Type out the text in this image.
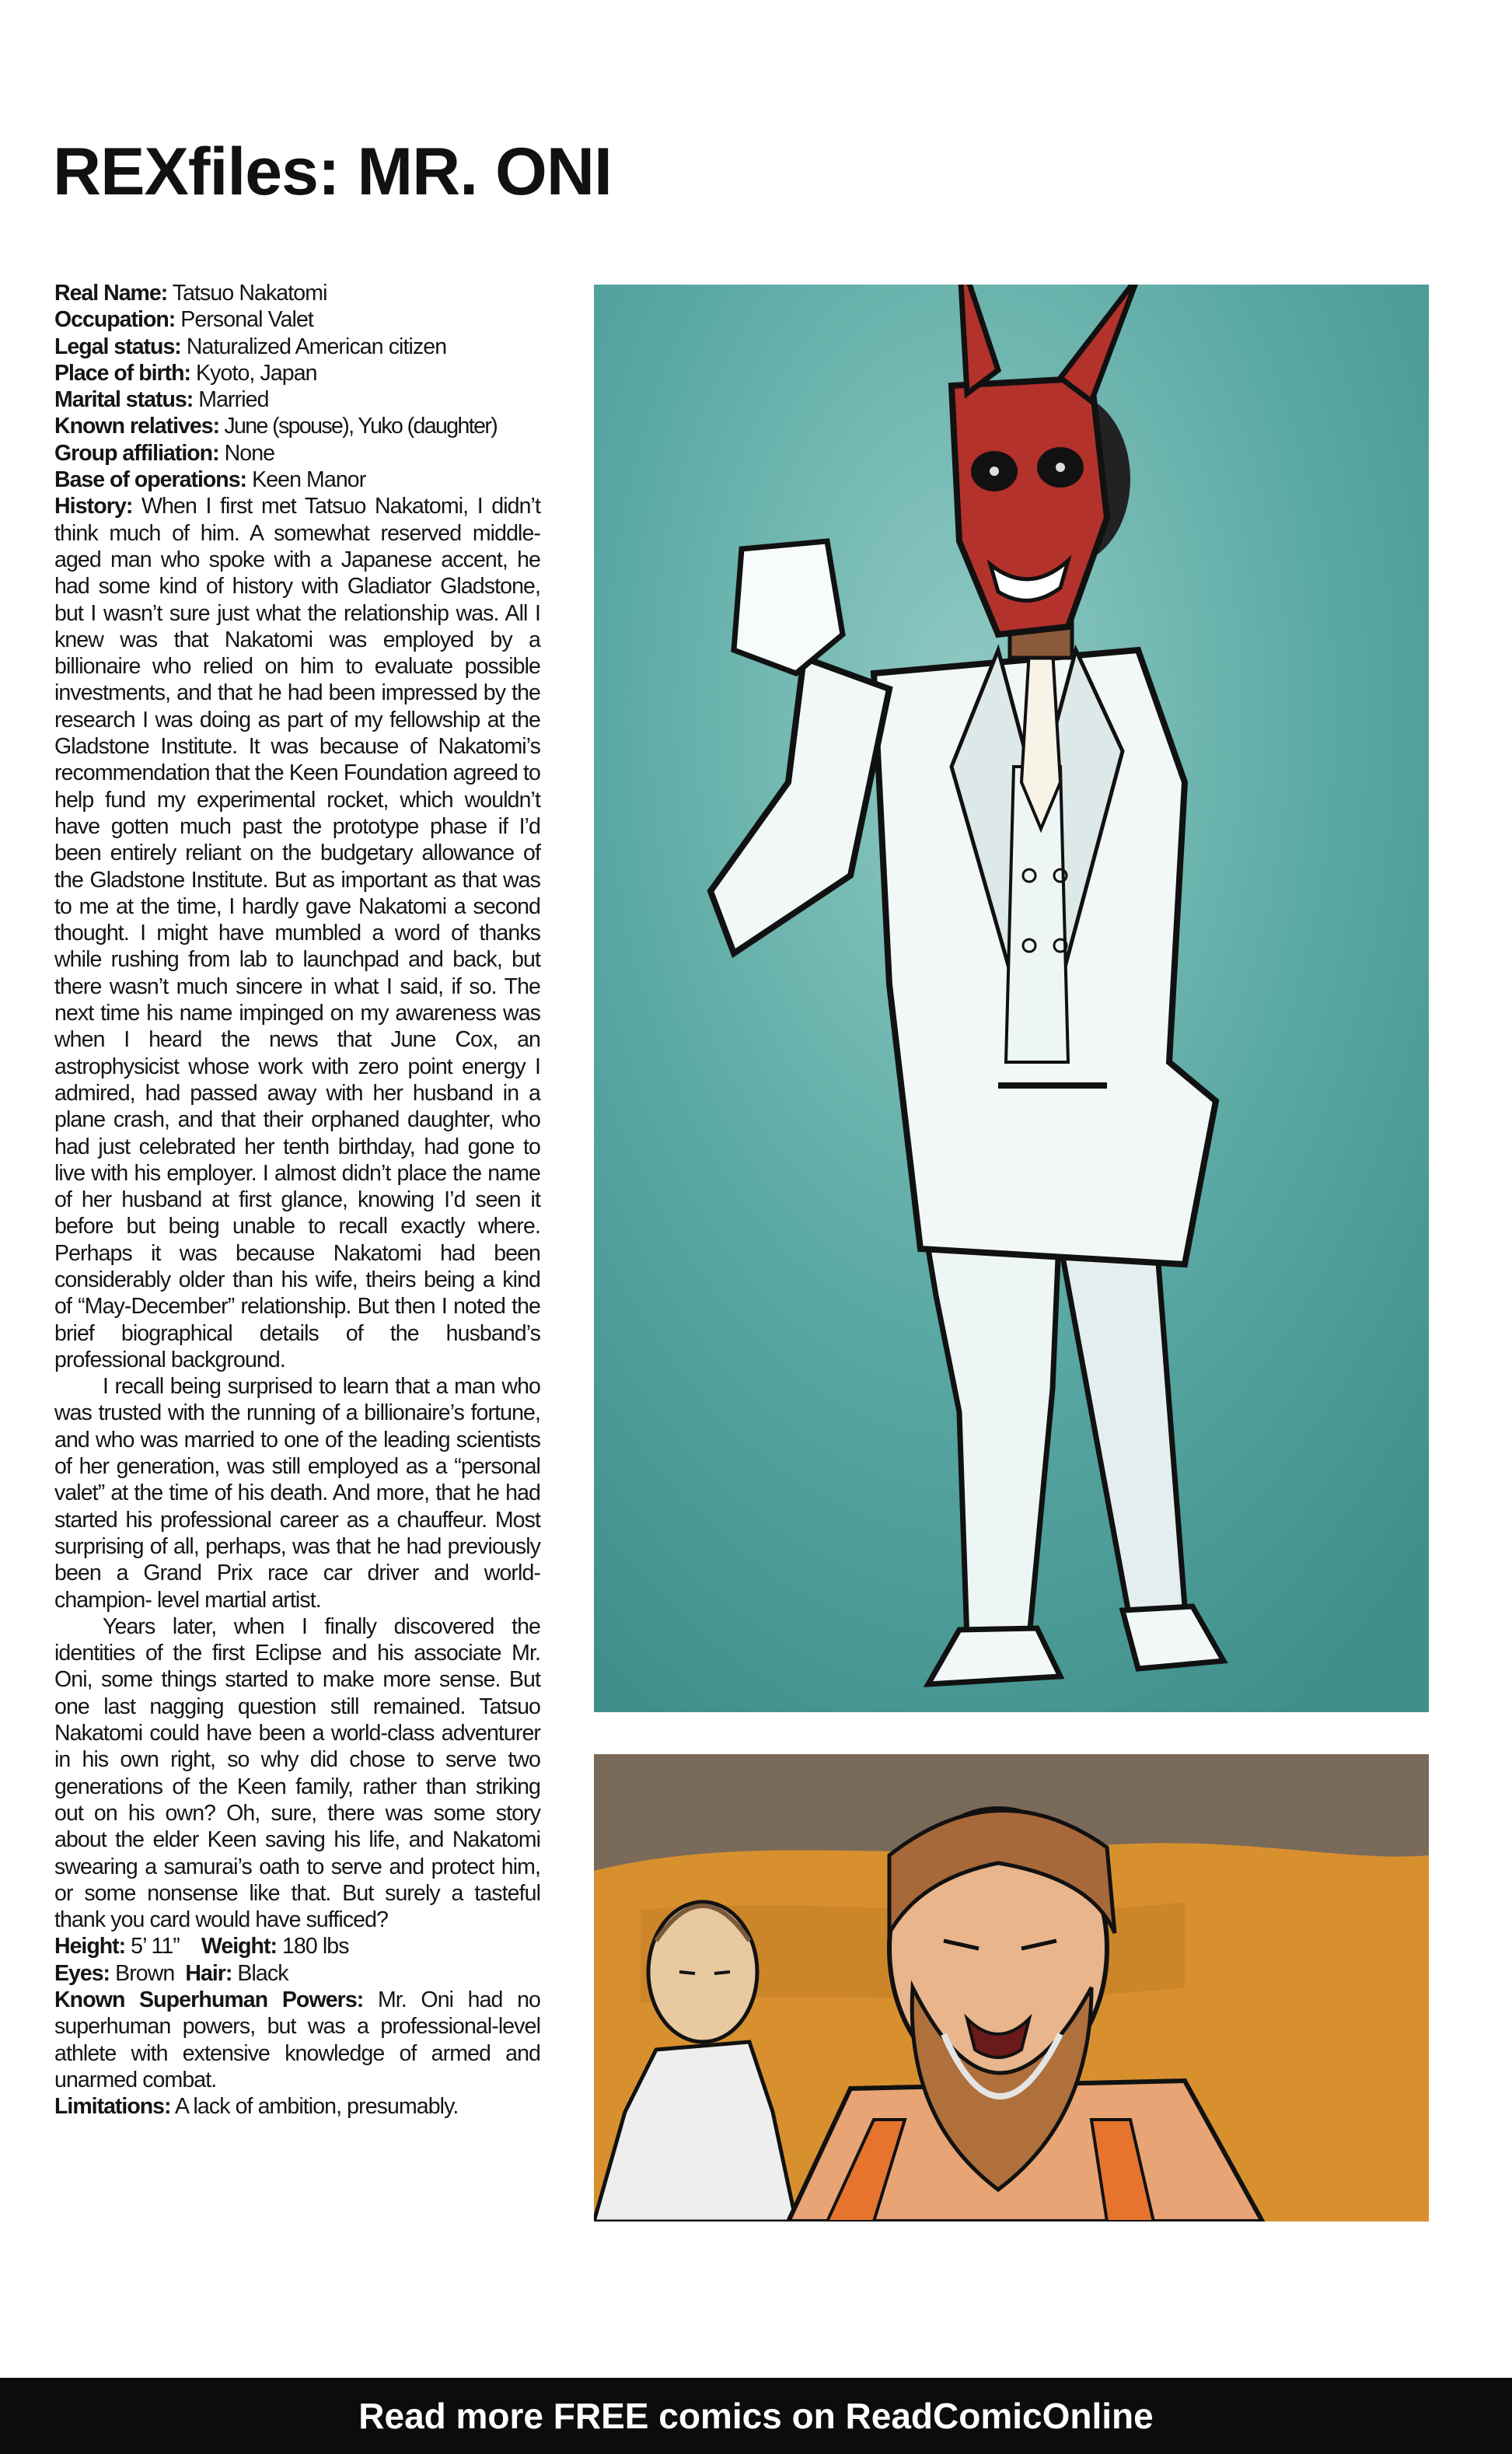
REXfiles: MR. ONI

Real Name: Tatsuo Nakatomi

Occupation: Personal Valet

Legal status: Naturalized American citizen

Place of birth: Kyoto, Japan

Marital status: Married

Known relatives: June (spouse), Yuko (daughter)

Group affiliation: None

Base of operations: Keen Manor

History: When I first met Tatsuo Nakatomi, I didn’t think much of him. A somewhat reserved middle-aged man who spoke with a Japanese accent, he had some kind of history with Gladiator Gladstone, but I wasn’t sure just what the relationship was. All I knew was that Nakatomi was employed by a billionaire who relied on him to evaluate possible investments, and that he had been impressed by the research I was doing as part of my fellowship at the Gladstone Institute. It was because of Nakatomi’s recommendation that the Keen Foundation agreed to help fund my experimental rocket, which wouldn’t have gotten much past the prototype phase if I’d been entirely reliant on the budgetary allowance of the Gladstone Institute. But as important as that was to me at the time, I hardly gave Nakatomi a second thought. I might have mumbled a word of thanks while rushing from lab to launchpad and back, but there wasn’t much sincere in what I said, if so. The next time his name impinged on my awareness was when I heard the news that June Cox, an astrophysicist whose work with zero point energy I admired, had passed away with her husband in a plane crash, and that their orphaned daughter, who had just celebrated her tenth birthday, had gone to live with his employer. I almost didn’t place the name of her husband at first glance, knowing I’d seen it before but being unable to recall exactly where. Perhaps it was because Nakatomi had been considerably older than his wife, theirs being a kind of “May-December” relationship. But then I noted the brief biographical details of the husband’s professional background.

I recall being surprised to learn that a man who was trusted with the running of a billionaire’s fortune, and who was married to one of the leading scientists of her generation, was still employed as a “personal valet” at the time of his death. And more, that he had started his professional career as a chauffeur. Most surprising of all, perhaps, was that he had previously been a Grand Prix race car driver and world-champion- level martial artist.

Years later, when I finally discovered the identities of the first Eclipse and his associate Mr. Oni, some things started to make more sense. But one last nagging question still remained. Tatsuo Nakatomi could have been a world-class adventurer in his own right, so why did chose to serve two generations of the Keen family, rather than striking out on his own? Oh, sure, there was some story about the elder Keen saving his life, and Nakatomi swearing a samurai’s oath to serve and protect him, or some nonsense like that. But surely a tasteful thank you card would have sufficed?

Height: 5’ 11” Weight: 180 lbs

Eyes: Brown Hair: Black

Known Superhuman Powers: Mr. Oni had no superhuman powers, but was a professional-level athlete with extensive knowledge of armed and unarmed combat.

Limitations: A lack of ambition, presumably.

Read more FREE comics on ReadComicOnline
